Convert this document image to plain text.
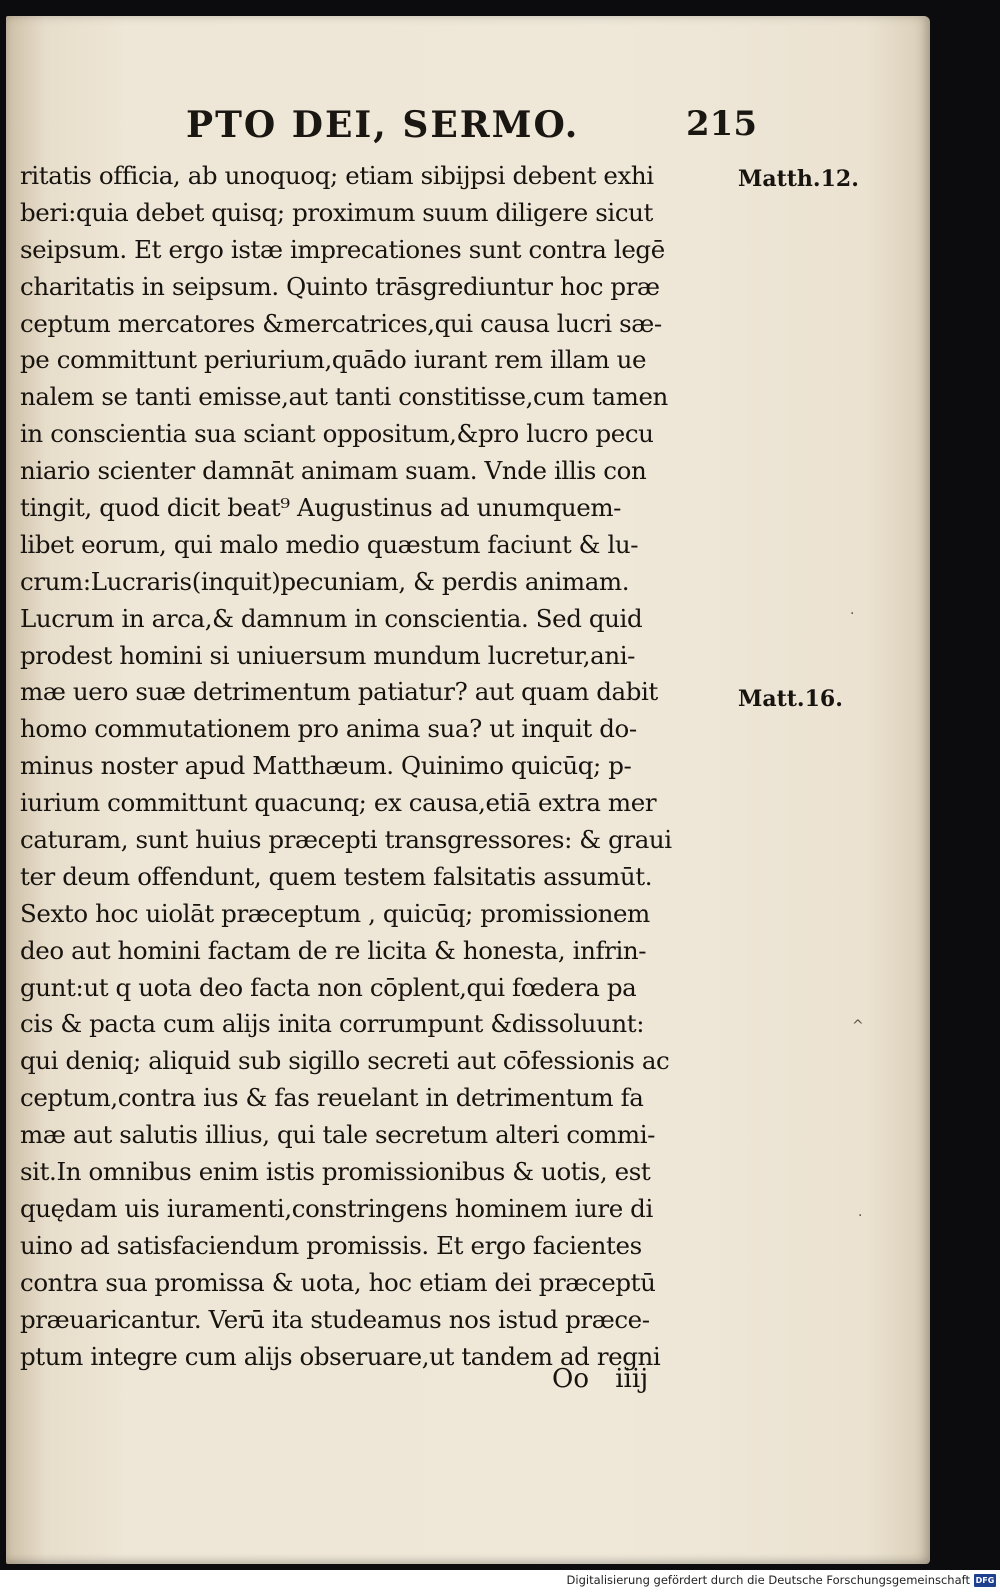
PTO DEI, SERMO.	215
ritatis officia, ab unoquoq; etiam sibijpsi debent exhi
beri:quia debet quisq; proximum suum diligere sicut
seipsum. Et ergo istæ imprecationes sunt contra legē
charitatis in seipsum. Quinto trāsgrediuntur hoc præ
ceptum mercatores &mercatrices,qui causa lucri sæ-
pe committunt periurium,quādo iurant rem illam ue
nalem se tanti emisse,aut tanti constitisse,cum tamen
in conscientia sua sciant oppositum,&pro lucro pecu
niario scienter damnāt animam suam. Vnde illis con
tingit, quod dicit beat⁹ Augustinus ad unumquem-
libet eorum, qui malo medio quæstum faciunt & lu-
crum:Lucraris(inquit)pecuniam, & perdis animam.
Lucrum in arca,& damnum in conscientia. Sed quid
prodest homini si uniuersum mundum lucretur,ani-
mæ uero suæ detrimentum patiatur? aut quam dabit
homo commutationem pro anima sua? ut inquit do-
minus noster apud Matthæum. Quinimo quicūq; p-
iurium committunt quacunq; ex causa,etiā extra mer
caturam, sunt huius præcepti transgressores: & graui
ter deum offendunt, quem testem falsitatis assumūt.
Sexto hoc uiolāt præceptum , quicūq; promissionem
deo aut homini factam de re licita & honesta, infrin-
gunt:ut q uota deo facta non cōplent,qui fœdera pa
cis & pacta cum alijs inita corrumpunt &dissoluunt:
qui deniq; aliquid sub sigillo secreti aut cōfessionis ac
ceptum,contra ius & fas reuelant in detrimentum fa
mæ aut salutis illius, qui tale secretum alteri commi-
sit.In omnibus enim istis promissionibus & uotis, est
quędam uis iuramenti,constringens hominem iure di
uino ad satisfaciendum promissis. Et ergo facientes
contra sua promissa & uota, hoc etiam dei præceptū
præuaricantur. Verū ita studeamus nos istud præce-
ptum integre cum alijs obseruare,ut tandem ad regni
Matth.12.
Matt.16.
·
^
·
Oo iiij
Digitalisierung gefördert durch die Deutsche Forschungsgemeinschaft DFG
